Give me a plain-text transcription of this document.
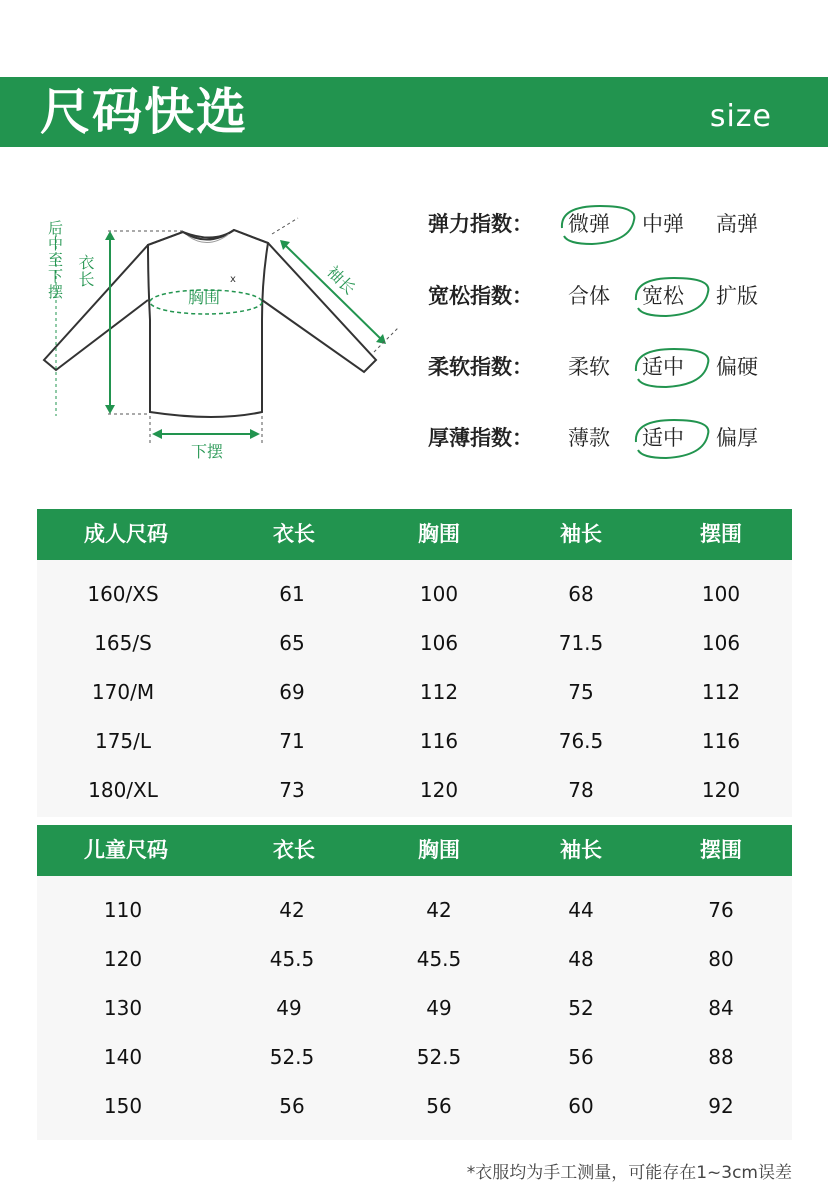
尺码快选	size
后中至下摆 衣长
胸围	袖长
下摆
x
弹力指数： 微弹 中弹 高弹
宽松指数： 合体 宽松 扩版
柔软指数： 柔软 适中 偏硬
厚薄指数： 薄款 适中 偏厚
成人尺码	衣长	胸围	袖长	摆围
160/XS	61	100	68	100
165/S	65	106	71.5	106
170/M	69	112	75	112
175/L	71	116	76.5	116
180/XL	73	120	78	120
儿童尺码	衣长	胸围	袖长	摆围
110	42	42	44	76
120	45.5	45.5	48	80
130	49	49	52	84
140	52.5	52.5	56	88
150	56	56	60	92
*衣服均为手工测量，可能存在1~3cm误差
